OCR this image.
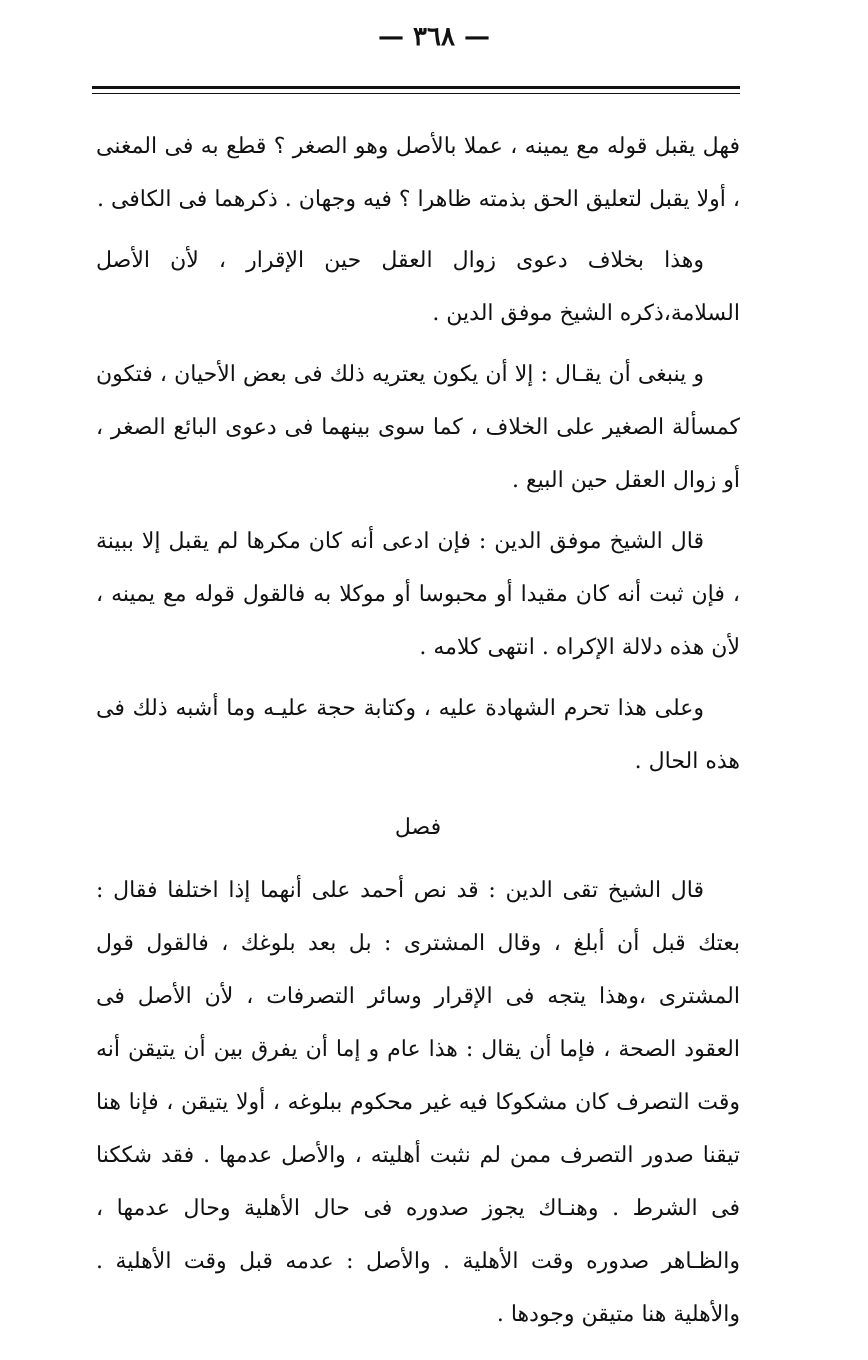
— ٣٦٨ —

فهل يقبل قوله مع يمينه ، عملا بالأصل وهو الصغر ؟ قطع به فى المغنى ، أولا يقبل لتعليق الحق بذمته ظاهرا ؟ فيه وجهان . ذكرهما فى الكافى .

وهذا بخلاف دعوى زوال العقل حين الإقرار ، لأن الأصل السلامة،ذكره الشيخ موفق الدين .

و ينبغى أن يقـال : إلا أن يكون يعتريه ذلك فى بعض الأحيان ، فتكون كمسألة الصغير على الخلاف ، كما سوى بينهما فى دعوى البائع الصغر ، أو زوال العقل حين البيع .

قال الشيخ موفق الدين : فإن ادعى أنه كان مكرها لم يقبل إلا ببينة ، فإن ثبت أنه كان مقيدا أو محبوسا أو موكلا به فالقول قوله مع يمينه ، لأن هذه دلالة الإكراه . انتهى كلامه .

وعلى هذا تحرم الشهادة عليه ، وكتابة حجة عليـه وما أشبه ذلك فى هذه الحال .

فصل

قال الشيخ تقى الدين : قد نص أحمد على أنهما إذا اختلفا فقال : بعتك قبل أن أبلغ ، وقال المشترى : بل بعد بلوغك ، فالقول قول المشترى ،وهذا يتجه فى الإقرار وسائر التصرفات ، لأن الأصل فى العقود الصحة ، فإما أن يقال : هذا عام و إما أن يفرق بين أن يتيقن أنه وقت التصرف كان مشكوكا فيه غير محكوم ببلوغه ، أولا يتيقن ، فإنا هنا تيقنا صدور التصرف ممن لم نثبت أهليته ، والأصل عدمها . فقد شككنا فى الشرط . وهنـاك يجوز صدوره فى حال الأهلية وحال عدمها ، والظـاهر صدوره وقت الأهلية . والأصل : عدمه قبل وقت الأهلية . والأهلية هنا متيقن وجودها .
